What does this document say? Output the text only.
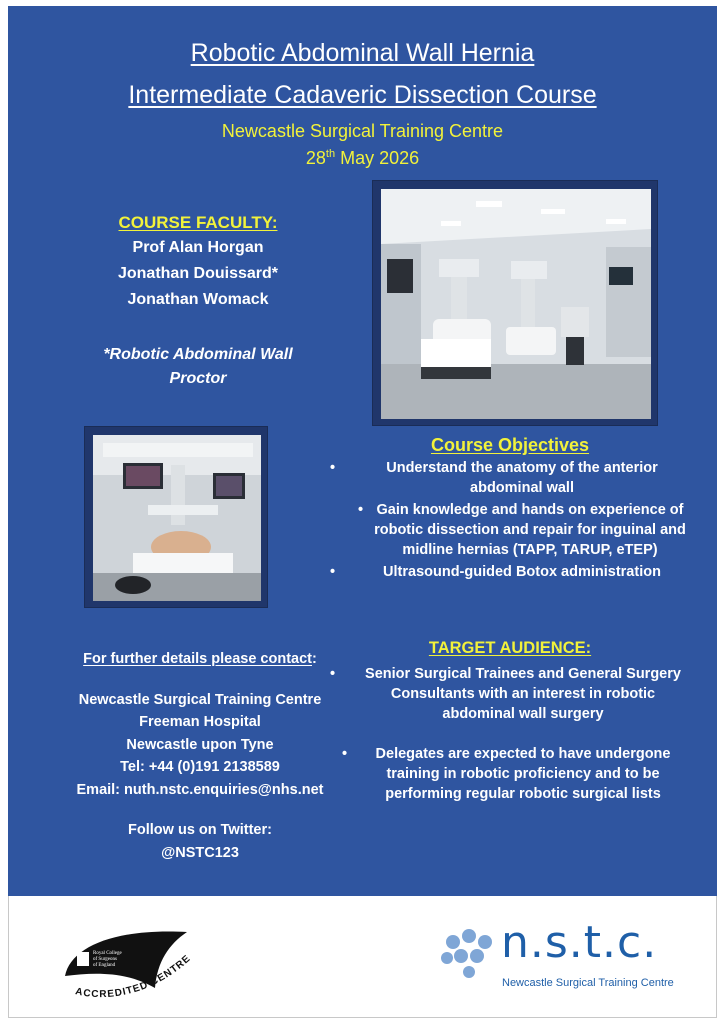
Robotic Abdominal Wall Hernia
Intermediate Cadaveric Dissection Course
Newcastle Surgical Training Centre
28th May 2026
COURSE FACULTY:
Prof Alan Horgan
Jonathan Douissard*
Jonathan Womack
*Robotic Abdominal Wall
Proctor
Course Objectives
•	Understand the anatomy of the anterior abdominal wall
• Gain knowledge and hands on experience of robotic dissection and repair for inguinal and midline hernias (TAPP, TARUP, eTEP)
•	Ultrasound-guided Botox administration
TARGET AUDIENCE:
• Senior Surgical Trainees and General Surgery Consultants with an interest in robotic abdominal wall surgery
• Delegates are expected to have undergone training in robotic proficiency and to be performing regular robotic surgical lists
For further details please contact:
Newcastle Surgical Training Centre
Freeman Hospital
Newcastle upon Tyne
Tel: +44 (0)191 2138589
Email: nuth.nstc.enquiries@nhs.net
Follow us on Twitter:
@NSTC123
Royal College
of Surgeons
of England
ACCREDITED CENTRE	n.s.t.c.
Newcastle Surgical Training Centre
